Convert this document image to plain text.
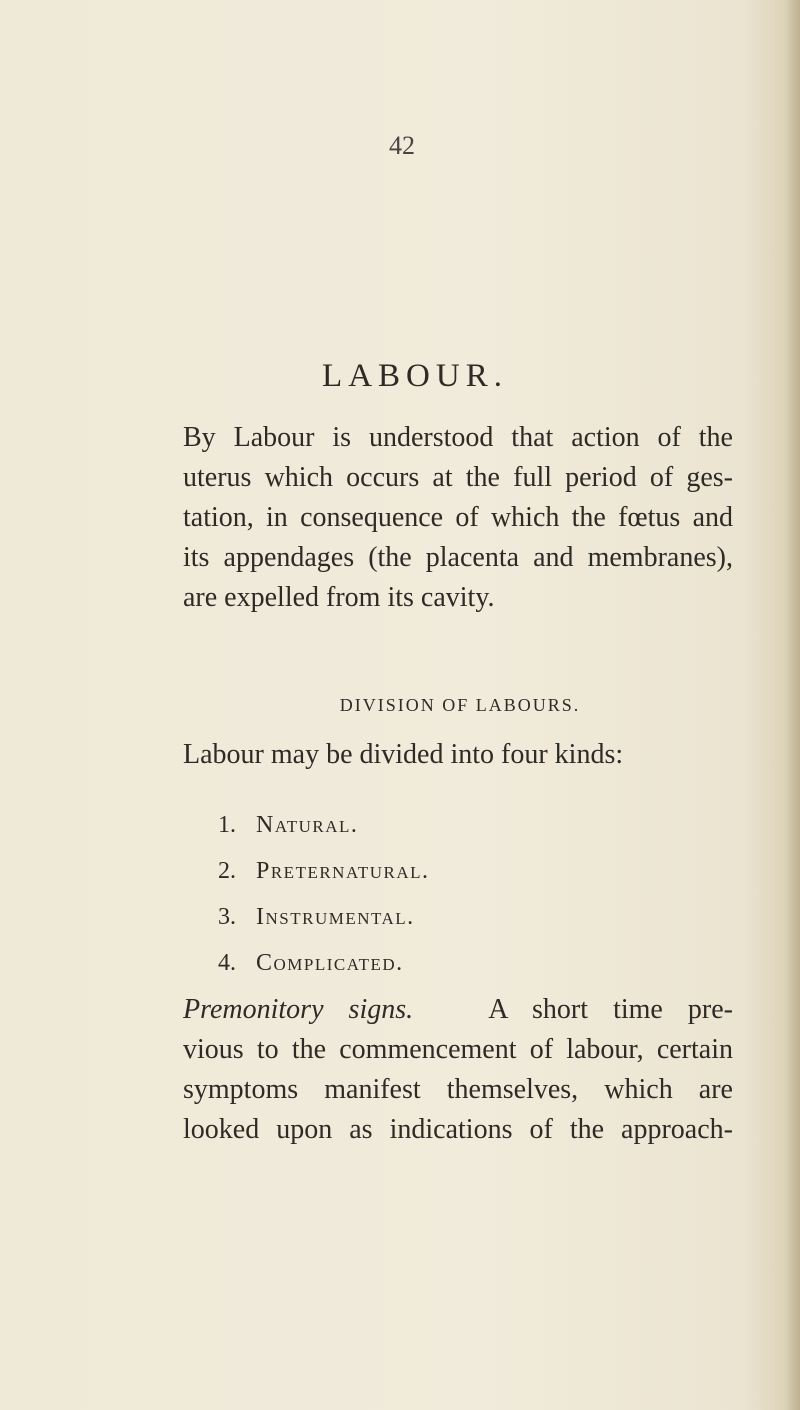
42
LABOUR.

By Labour is understood that action of the
uterus which occurs at the full period of ges-
tation, in consequence of which the fœtus and
its appendages (the placenta and membranes),
are expelled from its cavity.

DIVISION OF LABOURS.
Labour may be divided into four kinds:
1. Natural.
2. Preternatural.
3. Instrumental.
4. Complicated.

Premonitory signs.	A short time pre-
vious to the commencement of labour, certain
symptoms manifest themselves, which are
looked upon as indications of the approach-
